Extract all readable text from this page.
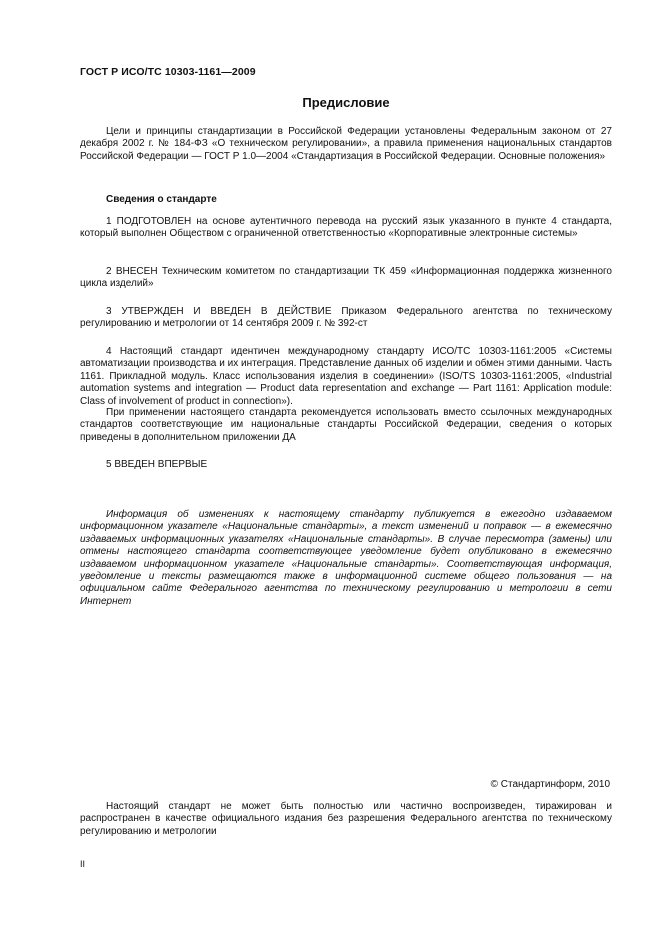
ГОСТ Р ИСО/ТС 10303-1161—2009
Предисловие

Цели и принципы стандартизации в Российской Федерации установлены Федеральным законом от 27 декабря 2002 г. № 184-ФЗ «О техническом регулировании», а правила применения национальных стандартов Российской Федерации — ГОСТ Р 1.0—2004 «Стандартизация в Российской Федерации. Основные положения»

Сведения о стандарте

1 ПОДГОТОВЛЕН на основе аутентичного перевода на русский язык указанного в пункте 4 стандарта, который выполнен Обществом с ограниченной ответственностью «Корпоративные электронные системы»

2 ВНЕСЕН Техническим комитетом по стандартизации ТК 459 «Информационная поддержка жизненного цикла изделий»

3 УТВЕРЖДЕН И ВВЕДЕН В ДЕЙСТВИЕ Приказом Федерального агентства по техническому регулированию и метрологии от 14 сентября 2009 г. № 392-ст

4 Настоящий стандарт идентичен международному стандарту ИСО/ТС 10303-1161:2005 «Системы автоматизации производства и их интеграция. Представление данных об изделии и обмен этими данными. Часть 1161. Прикладной модуль. Класс использования изделия в соединении» (ISO/TS 10303-1161:2005, «Industrial automation systems and integration — Product data representation and exchange — Part 1161: Application module: Class of involvement of product in connection»).

При применении настоящего стандарта рекомендуется использовать вместо ссылочных международных стандартов соответствующие им национальные стандарты Российской Федерации, сведения о которых приведены в дополнительном приложении ДА

5 ВВЕДЕН ВПЕРВЫЕ

Информация об изменениях к настоящему стандарту публикуется в ежегодно издаваемом информационном указателе «Национальные стандарты», а текст изменений и поправок — в ежемесячно издаваемых информационных указателях «Национальные стандарты». В случае пересмотра (замены) или отмены настоящего стандарта соответствующее уведомление будет опубликовано в ежемесячно издаваемом информационном указателе «Национальные стандарты». Соответствующая информация, уведомление и тексты размещаются также в информационной системе общего пользования — на официальном сайте Федерального агентства по техническому регулированию и метрологии в сети Интернет

© Стандартинформ, 2010

Настоящий стандарт не может быть полностью или частично воспроизведен, тиражирован и распространен в качестве официального издания без разрешения Федерального агентства по техническому регулированию и метрологии

II
